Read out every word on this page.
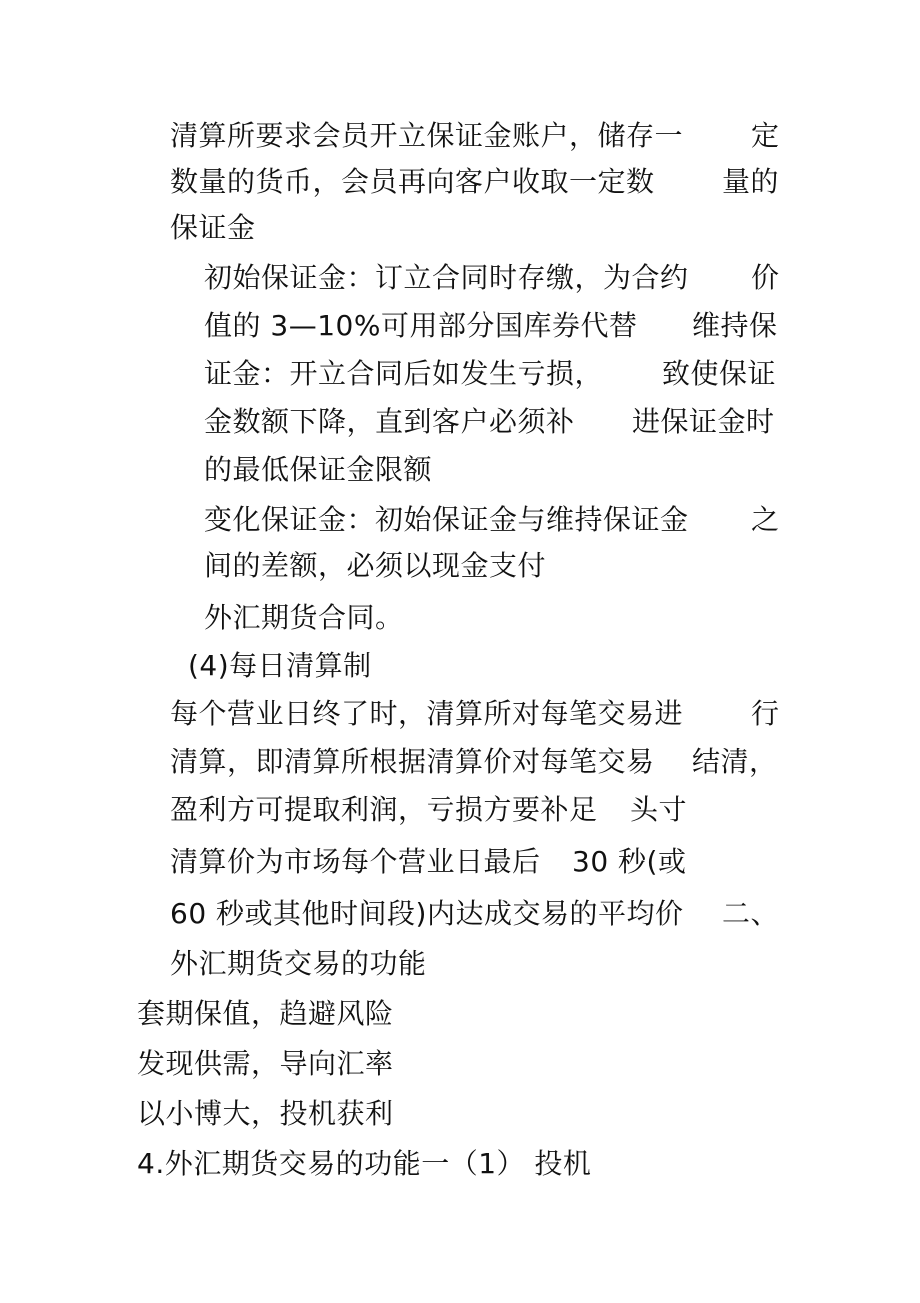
清算所要求会员开立保证金账户，储存一 定
数量的货币，会员再向客户收取一定数 量的
保证金
初始保证金：订立合同时存缴，为合约 价
值的 3—10%可用部分国库券代替 维持保
证金：开立合同后如发生亏损， 致使保证
金数额下降，直到客户必须补 进保证金时
的最低保证金限额
变化保证金：初始保证金与维持保证金 之
间的差额，必须以现金支付
外汇期货合同。
(4)每日清算制
每个营业日终了时，清算所对每笔交易进 行
清算，即清算所根据清算价对每笔交易 结清，
盈利方可提取利润，亏损方要补足 头寸
清算价为市场每个营业日最后 30 秒(或
60 秒或其他时间段)内达成交易的平均价 二、
外汇期货交易的功能
套期保值，趋避风险
发现供需，导向汇率
以小博大，投机获利
4.外汇期货交易的功能一（1） 投机
